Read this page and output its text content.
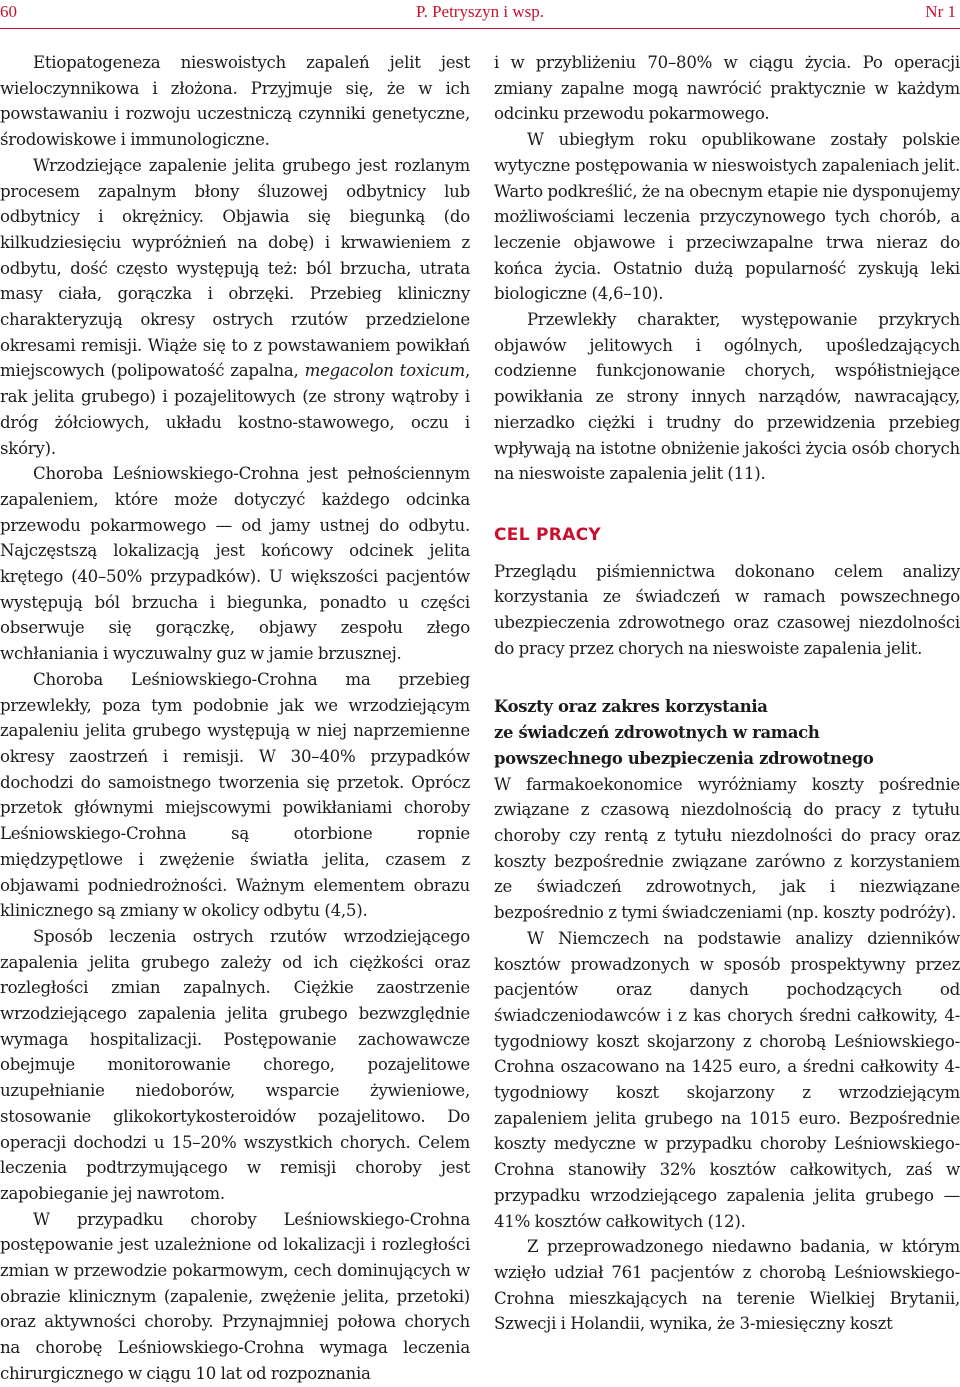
60	P. Petryszyn i wsp.	Nr 1

Etiopatogeneza nieswoistych zapaleń jelit jest wieloczynnikowa i złożona. Przyjmuje się, że w ich powstawaniu i rozwoju uczestniczą czynniki genetyczne, środowiskowe i immunologiczne.

Wrzodziejące zapalenie jelita grubego jest rozlanym procesem zapalnym błony śluzowej odbytnicy lub odbytnicy i okrężnicy. Objawia się biegunką (do kilkudziesięciu wypróżnień na dobę) i krwawieniem z odbytu, dość często występują też: ból brzucha, utrata masy ciała, gorączka i obrzęki. Przebieg kliniczny charakteryzują okresy ostrych rzutów przedzielone okresami remisji. Wiąże się to z powstawaniem powikłań miejscowych (polipowatość zapalna, megacolon toxicum, rak jelita grubego) i pozajelitowych (ze strony wątroby i dróg żółciowych, układu kostno-stawowego, oczu i skóry).

Choroba Leśniowskiego-Crohna jest pełnościennym zapaleniem, które może dotyczyć każdego odcinka przewodu pokarmowego — od jamy ustnej do odbytu. Najczęstszą lokalizacją jest końcowy odcinek jelita krętego (40–50% przypadków). U większości pacjentów występują ból brzucha i biegunka, ponadto u części obserwuje się gorączkę, objawy zespołu złego wchłaniania i wyczuwalny guz w jamie brzusznej.

Choroba Leśniowskiego-Crohna ma przebieg przewlekły, poza tym podobnie jak we wrzodziejącym zapaleniu jelita grubego występują w niej naprzemienne okresy zaostrzeń i remisji. W 30–40% przypadków dochodzi do samoistnego tworzenia się przetok. Oprócz przetok głównymi miejscowymi powikłaniami choroby Leśniowskiego-Crohna są otorbione ropnie międzypętlowe i zwężenie światła jelita, czasem z objawami podniedrożności. Ważnym elementem obrazu klinicznego są zmiany w okolicy odbytu (4,5).

Sposób leczenia ostrych rzutów wrzodziejącego zapalenia jelita grubego zależy od ich ciężkości oraz rozległości zmian zapalnych. Ciężkie zaostrzenie wrzodziejącego zapalenia jelita grubego bezwzględnie wymaga hospitalizacji. Postępowanie zachowawcze obejmuje monitorowanie chorego, pozajelitowe uzupełnianie niedoborów, wsparcie żywieniowe, stosowanie glikokortykosteroidów pozajelitowo. Do operacji dochodzi u 15–20% wszystkich chorych. Celem leczenia podtrzymującego w remisji choroby jest zapobieganie jej nawrotom.

W przypadku choroby Leśniowskiego-Crohna postępowanie jest uzależnione od lokalizacji i rozległości zmian w przewodzie pokarmowym, cech dominujących w obrazie klinicznym (zapalenie, zwężenie jelita, przetoki) oraz aktywności choroby. Przynajmniej połowa chorych na chorobę Leśniowskiego-Crohna wymaga leczenia chirurgicznego w ciągu 10 lat od rozpoznania

i w przybliżeniu 70–80% w ciągu życia. Po operacji zmiany zapalne mogą nawrócić praktycznie w każdym odcinku przewodu pokarmowego.

W ubiegłym roku opublikowane zostały polskie wytyczne postępowania w nieswoistych zapaleniach jelit. Warto podkreślić, że na obecnym etapie nie dysponujemy możliwościami leczenia przyczynowego tych chorób, a leczenie objawowe i przeciwzapalne trwa nieraz do końca życia. Ostatnio dużą popularność zyskują leki biologiczne (4,6–10).

Przewlekły charakter, występowanie przykrych objawów jelitowych i ogólnych, upośledzających codzienne funkcjonowanie chorych, współistniejące powikłania ze strony innych narządów, nawracający, nierzadko ciężki i trudny do przewidzenia przebieg wpływają na istotne obniżenie jakości życia osób chorych na nieswoiste zapalenia jelit (11).

CEL PRACY

Przeglądu piśmiennictwa dokonano celem analizy korzystania ze świadczeń w ramach powszechnego ubezpieczenia zdrowotnego oraz czasowej niezdolności do pracy przez chorych na nieswoiste zapalenia jelit.

Koszty oraz zakres korzystania
ze świadczeń zdrowotnych w ramach
powszechnego ubezpieczenia zdrowotnego

W farmakoekonomice wyróżniamy koszty pośrednie związane z czasową niezdolnością do pracy z tytułu choroby czy rentą z tytułu niezdolności do pracy oraz koszty bezpośrednie związane zarówno z korzystaniem ze świadczeń zdrowotnych, jak i niezwiązane bezpośrednio z tymi świadczeniami (np. koszty podróży).

W Niemczech na podstawie analizy dzienników kosztów prowadzonych w sposób prospektywny przez pacjentów oraz danych pochodzących od świadczeniodawców i z kas chorych średni całkowity, 4-tygodniowy koszt skojarzony z chorobą Leśniowskiego-Crohna oszacowano na 1425 euro, a średni całkowity 4-tygodniowy koszt skojarzony z wrzodziejącym zapaleniem jelita grubego na 1015 euro. Bezpośrednie koszty medyczne w przypadku choroby Leśniowskiego-Crohna stanowiły 32% kosztów całkowitych, zaś w przypadku wrzodziejącego zapalenia jelita grubego — 41% kosztów całkowitych (12).

Z przeprowadzonego niedawno badania, w którym wzięło udział 761 pacjentów z chorobą Leśniowskiego-Crohna mieszkających na terenie Wielkiej Brytanii, Szwecji i Holandii, wynika, że 3-miesięczny koszt
